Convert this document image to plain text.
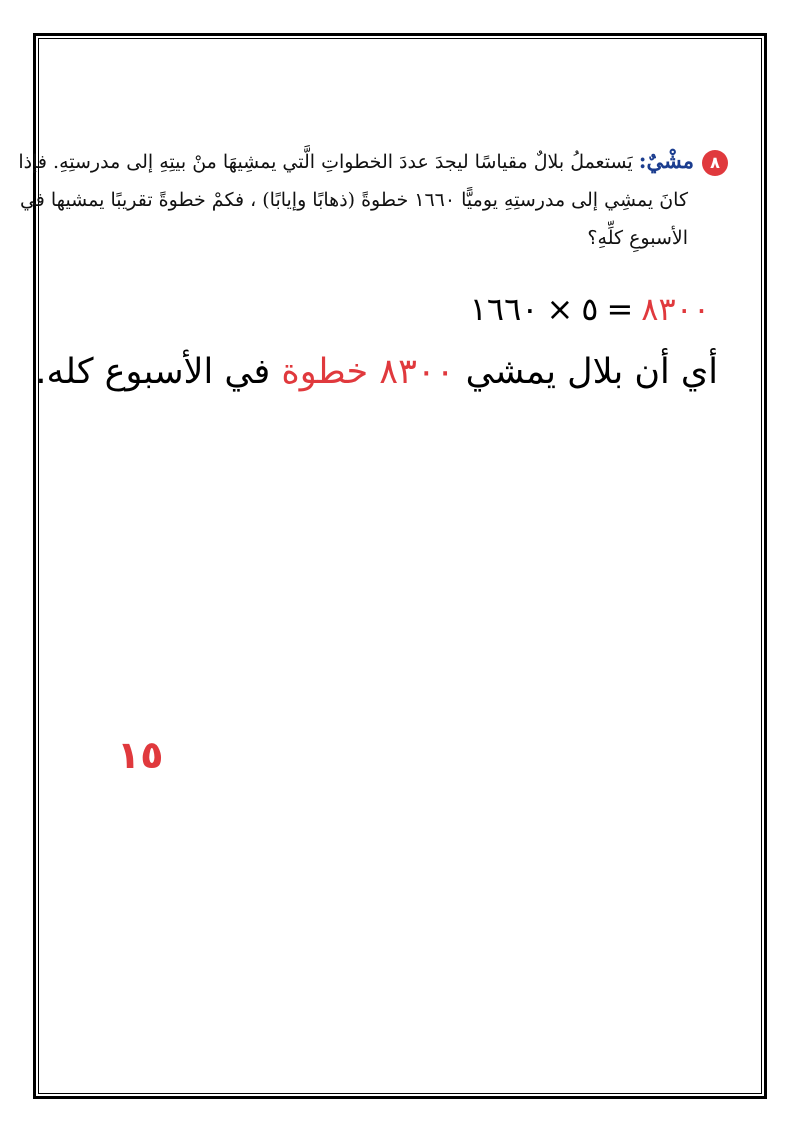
٨مشْيٌ: يَستعملُ بلالٌ مقياسًا ليجدَ عددَ الخطواتِ الَّتي يمشِيهَا منْ بيتِهِ إلى مدرستِهِ. فإذا
كانَ يمشِي إلى مدرستِهِ يوميًّا ١٦٦٠ خطوةً (ذهابًا وإيابًا) ، فكمْ خطوةً تقريبًا يمشيها في
الأسبوعِ كلِّهِ؟
٨٣٠٠=٥×١٦٦٠
أي أن بلال يمشي ٨٣٠٠ خطوة في الأسبوع كله.
١٥
